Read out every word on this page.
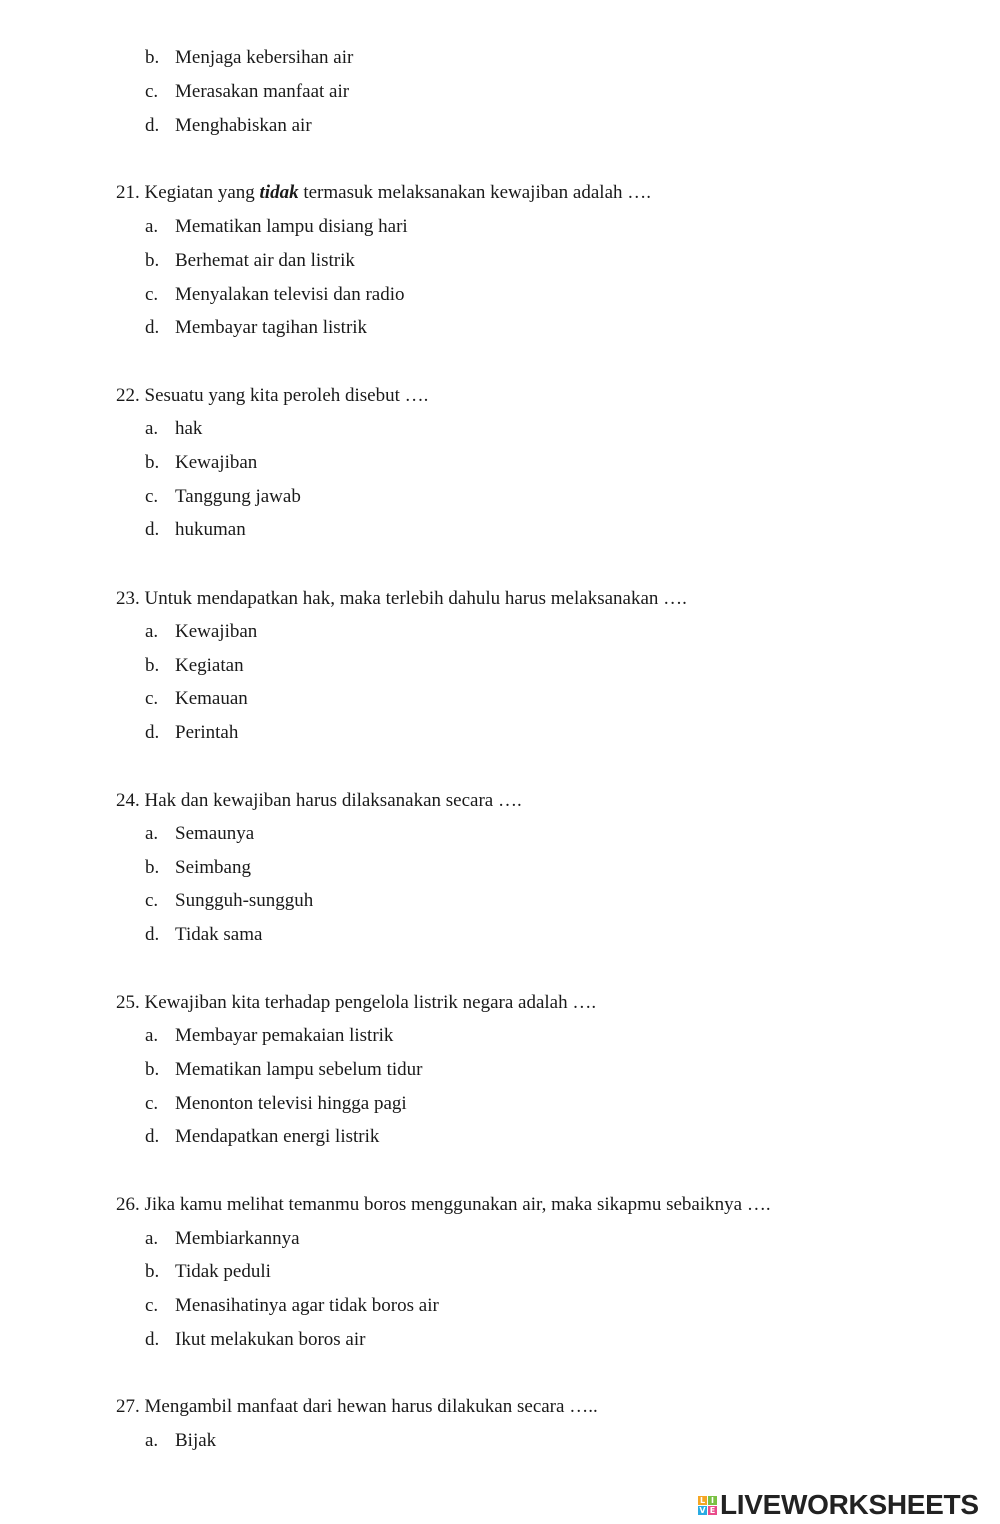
b. Menjaga kebersihan air
c. Merasakan manfaat air
d. Menghabiskan air
21. Kegiatan yang tidak termasuk melaksanakan kewajiban adalah ….
a. Mematikan lampu disiang hari
b. Berhemat air dan listrik
c. Menyalakan televisi dan radio
d. Membayar tagihan listrik
22. Sesuatu yang kita peroleh disebut ….
a. hak
b. Kewajiban
c. Tanggung jawab
d. hukuman
23. Untuk mendapatkan hak, maka terlebih dahulu harus melaksanakan ….
a. Kewajiban
b. Kegiatan
c. Kemauan
d. Perintah
24. Hak dan kewajiban harus dilaksanakan secara ….
a. Semaunya
b. Seimbang
c. Sungguh-sungguh
d. Tidak sama
25. Kewajiban kita terhadap pengelola listrik negara adalah ….
a. Membayar pemakaian listrik
b. Mematikan lampu sebelum tidur
c. Menonton televisi hingga pagi
d. Mendapatkan energi listrik
26. Jika kamu melihat temanmu boros menggunakan air, maka sikapmu sebaiknya ….
a. Membiarkannya
b. Tidak peduli
c. Menasihatinya agar tidak boros air
d. Ikut melakukan boros air
27. Mengambil manfaat dari hewan harus dilakukan secara …..
a. Bijak
L I
V E LIVEWORKSHEETS
